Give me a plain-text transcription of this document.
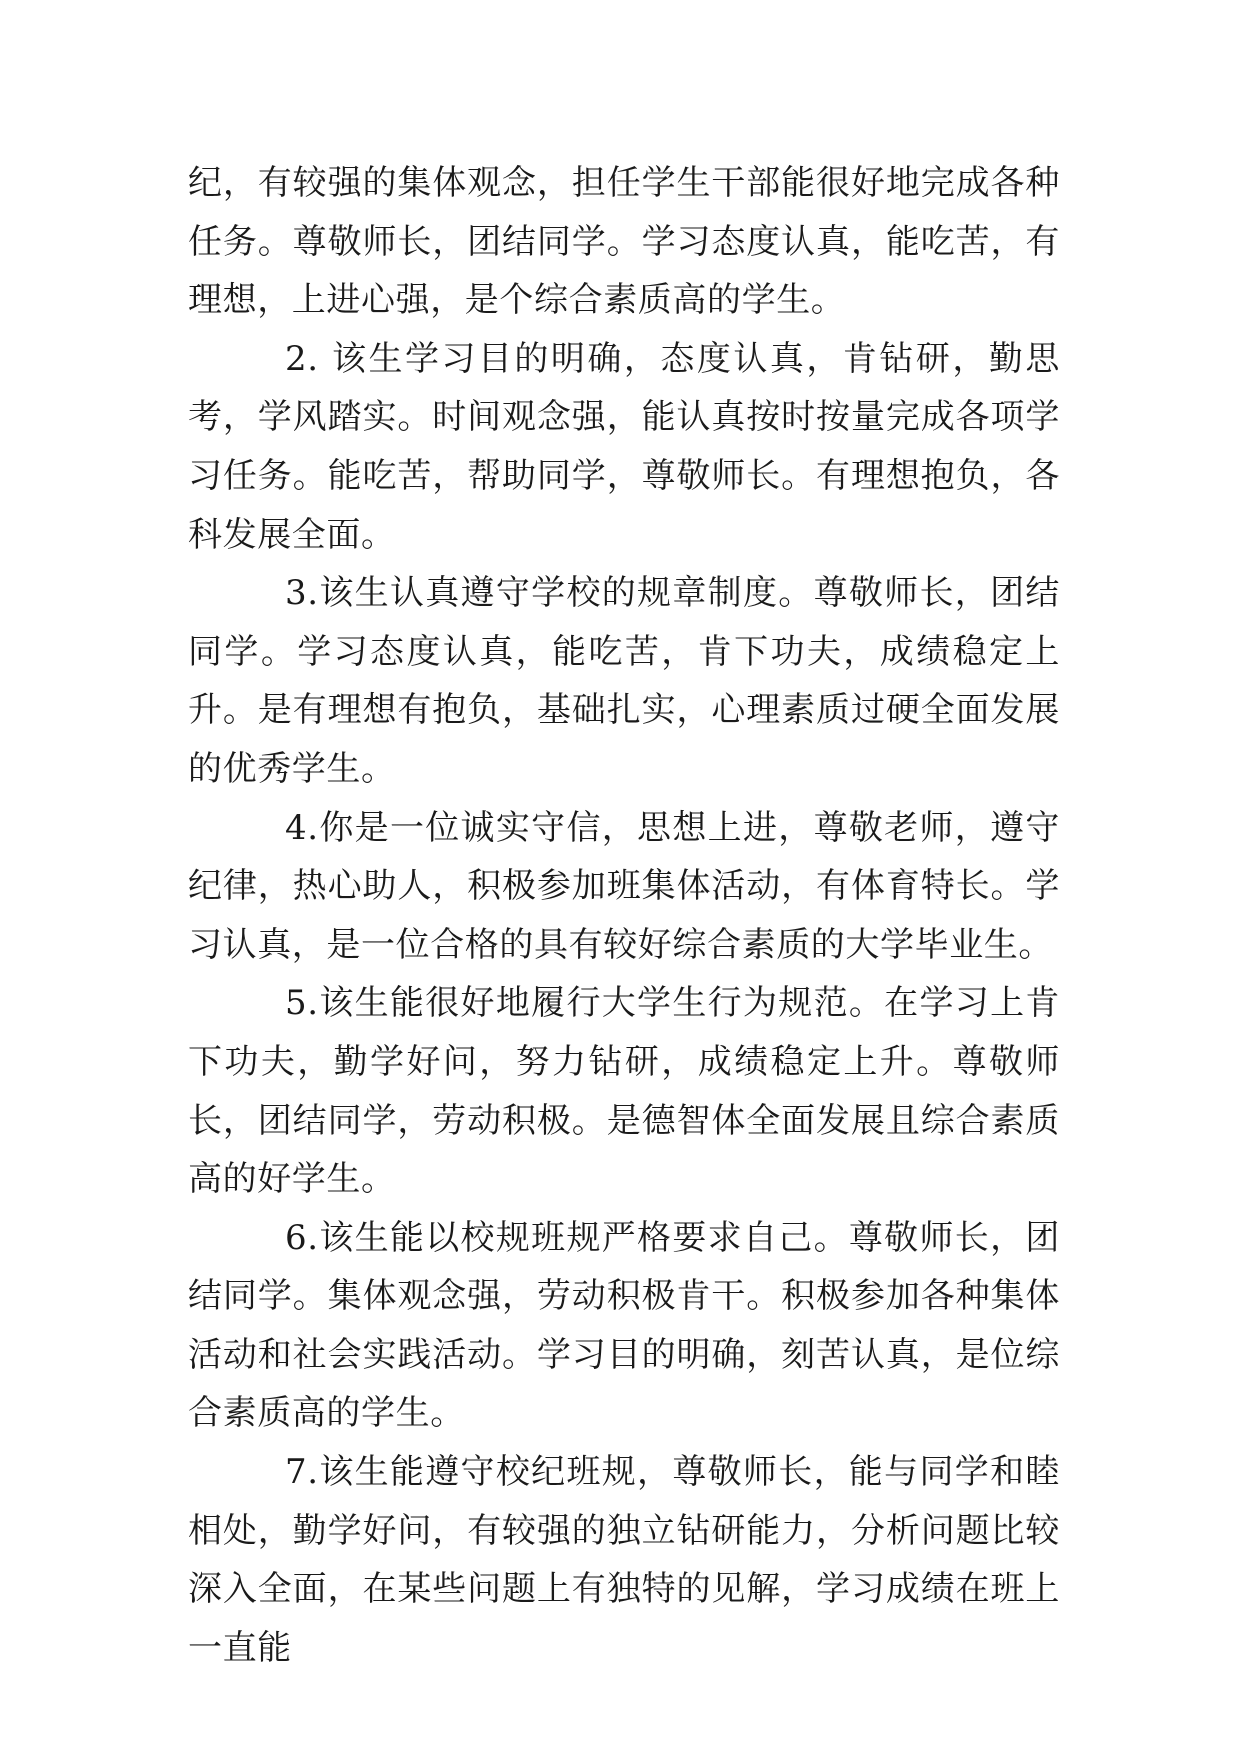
纪，有较强的集体观念，担任学生干部能很好地完成各种任务。尊敬师长，团结同学。学习态度认真，能吃苦，有理想，上进心强，是个综合素质高的学生。

2. 该生学习目的明确，态度认真，肯钻研，勤思考，学风踏实。时间观念强，能认真按时按量完成各项学习任务。能吃苦，帮助同学，尊敬师长。有理想抱负，各科发展全面。

3.该生认真遵守学校的规章制度。尊敬师长，团结同学。学习态度认真，能吃苦，肯下功夫，成绩稳定上升。是有理想有抱负，基础扎实，心理素质过硬全面发展的优秀学生。

4.你是一位诚实守信，思想上进，尊敬老师，遵守纪律，热心助人，积极参加班集体活动，有体育特长。学习认真，是一位合格的具有较好综合素质的大学毕业生。

5.该生能很好地履行大学生行为规范。在学习上肯下功夫，勤学好问，努力钻研，成绩稳定上升。尊敬师长，团结同学，劳动积极。是德智体全面发展且综合素质高的好学生。

6.该生能以校规班规严格要求自己。尊敬师长，团结同学。集体观念强，劳动积极肯干。积极参加各种集体活动和社会实践活动。学习目的明确，刻苦认真，是位综合素质高的学生。

7.该生能遵守校纪班规，尊敬师长，能与同学和睦相处，勤学好问，有较强的独立钻研能力，分析问题比较深入全面，在某些问题上有独特的见解，学习成绩在班上一直能
